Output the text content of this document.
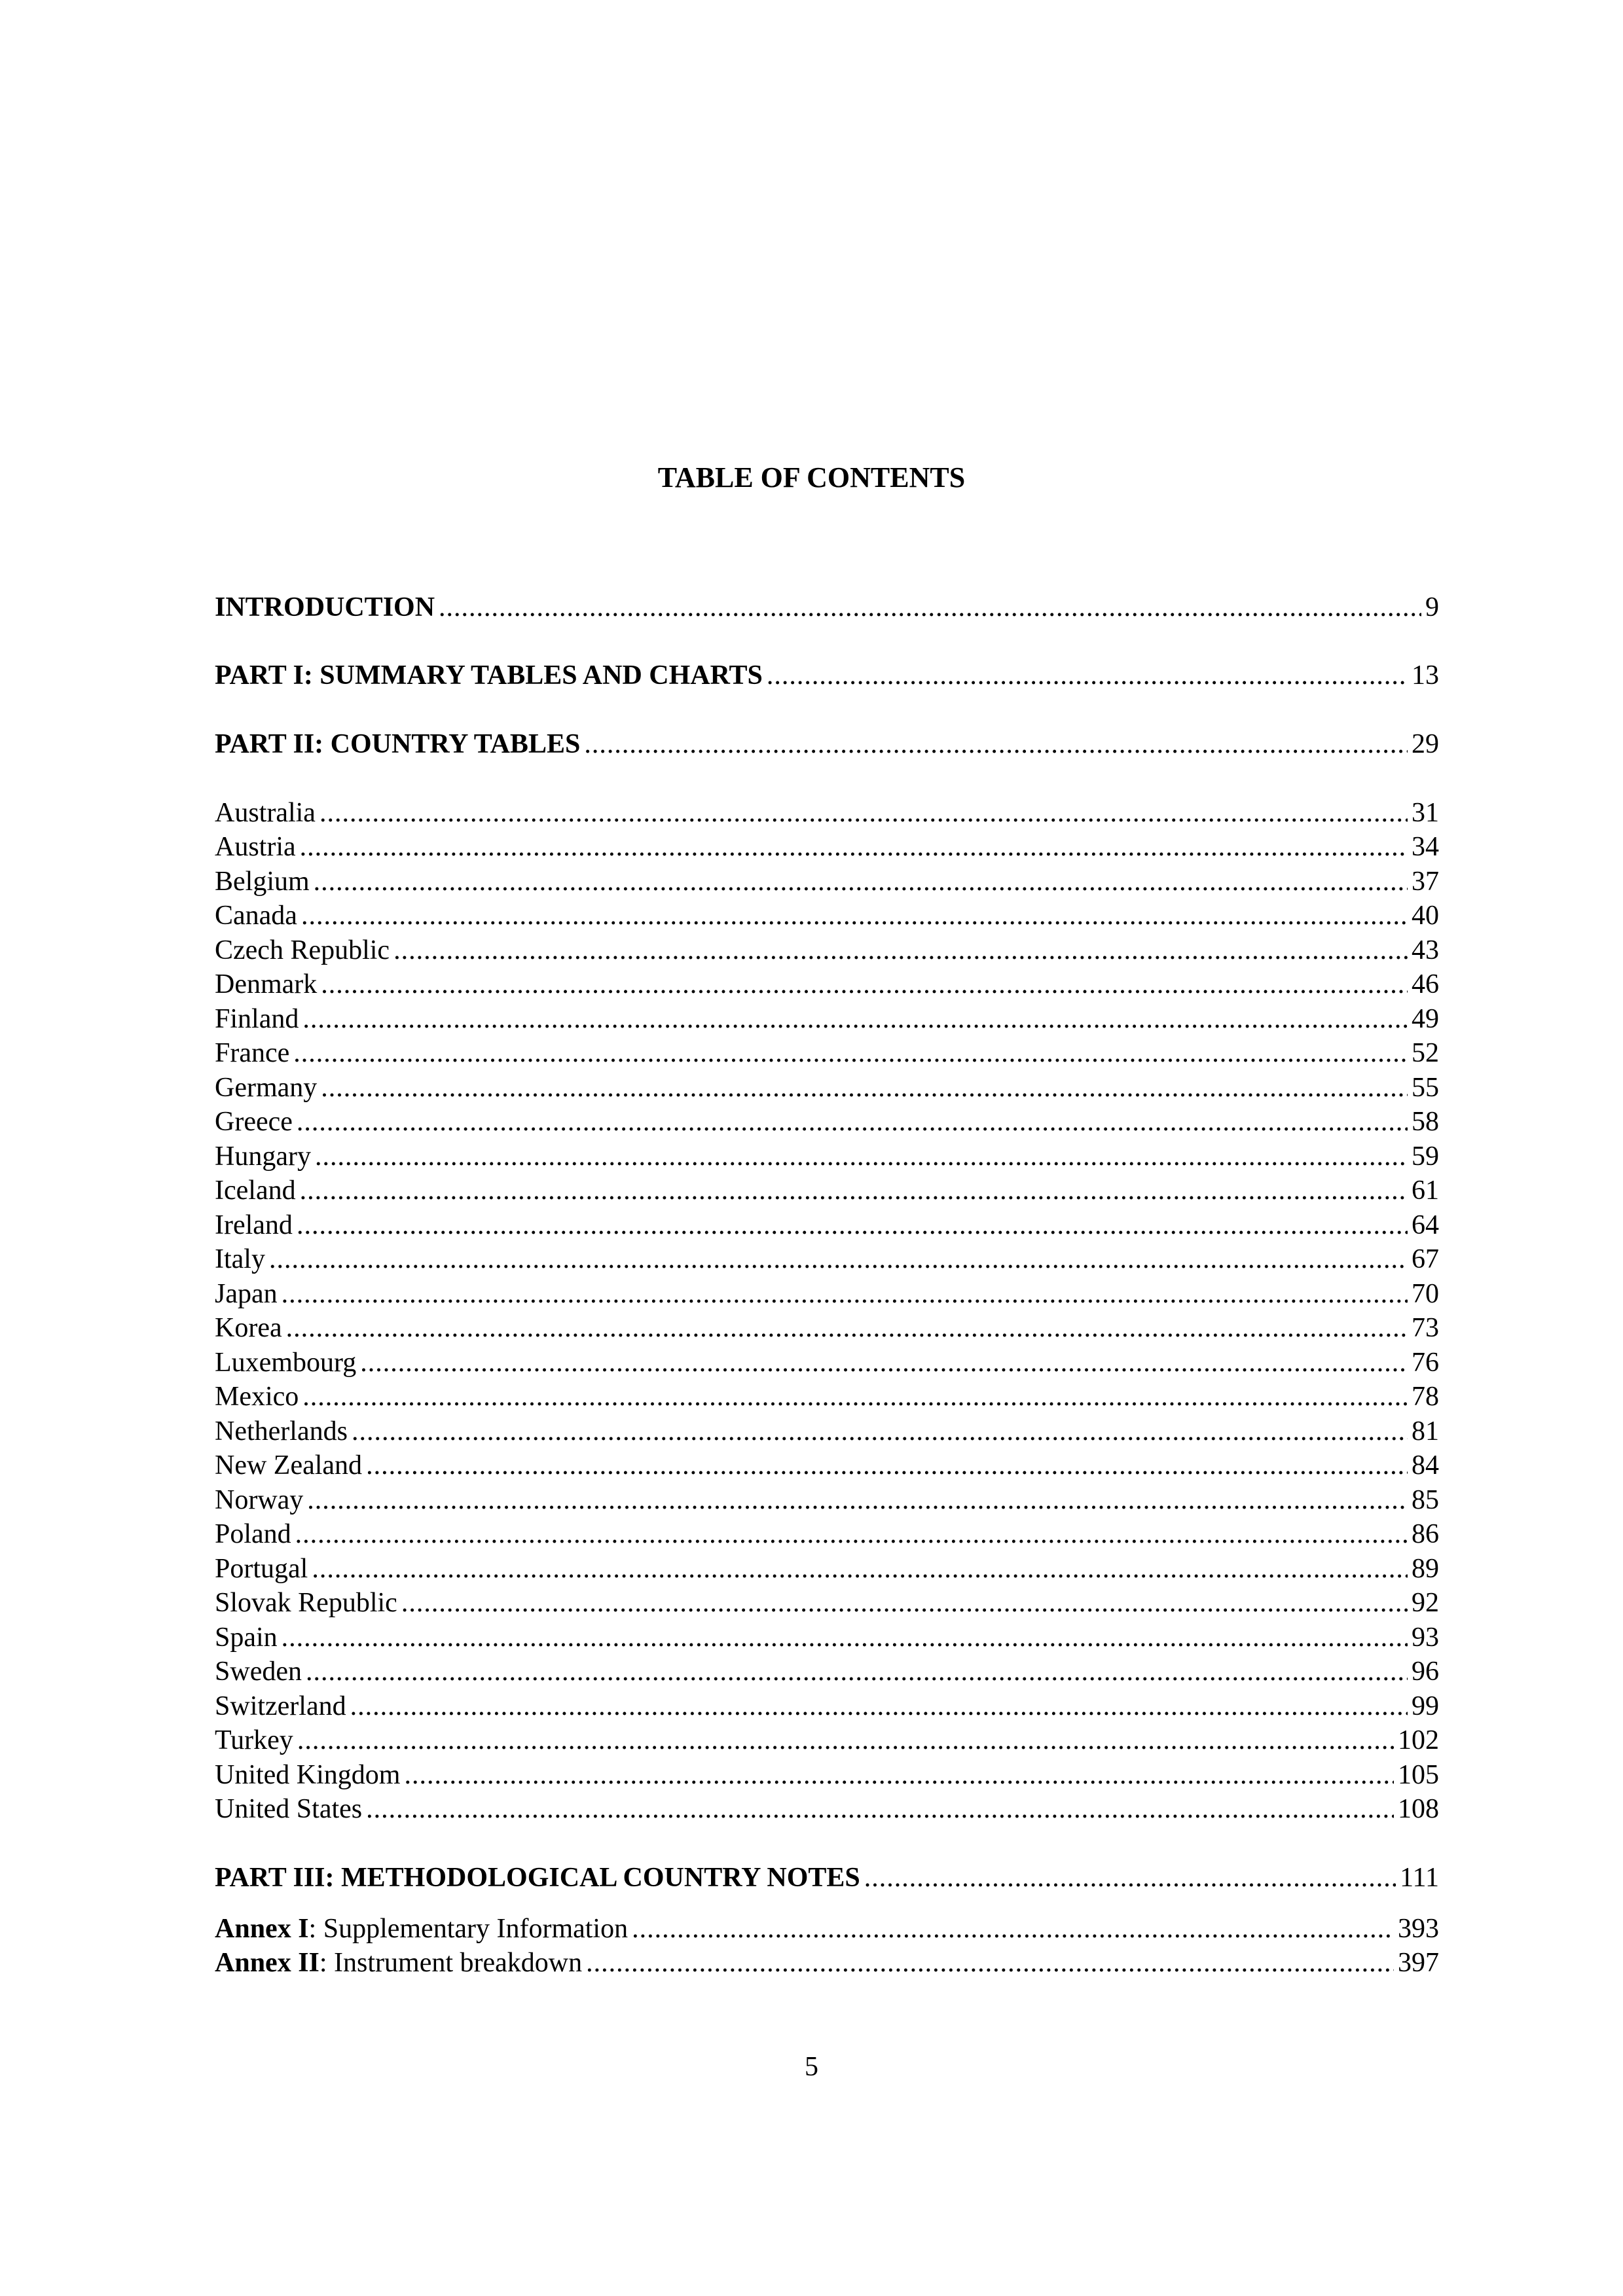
TABLE OF CONTENTS
INTRODUCTION .....	9
PART I: SUMMARY TABLES AND CHARTS .....	13
PART II: COUNTRY TABLES .....	29
Australia .....	31
Austria .....	34
Belgium .....	37
Canada .....	40
Czech Republic .....	43
Denmark .....	46
Finland .....	49
France .....	52
Germany .....	55
Greece .....	58
Hungary .....	59
Iceland .....	61
Ireland .....	64
Italy .....	67
Japan .....	70
Korea .....	73
Luxembourg .....	76
Mexico .....	78
Netherlands .....	81
New Zealand .....	84
Norway .....	85
Poland .....	86
Portugal .....	89
Slovak Republic .....	92
Spain .....	93
Sweden .....	96
Switzerland .....	99
Turkey .....	102
United Kingdom .....	105
United States .....	108
PART III: METHODOLOGICAL COUNTRY NOTES .....	111
Annex I: Supplementary Information .....	393
Annex II: Instrument breakdown .....	397
5
